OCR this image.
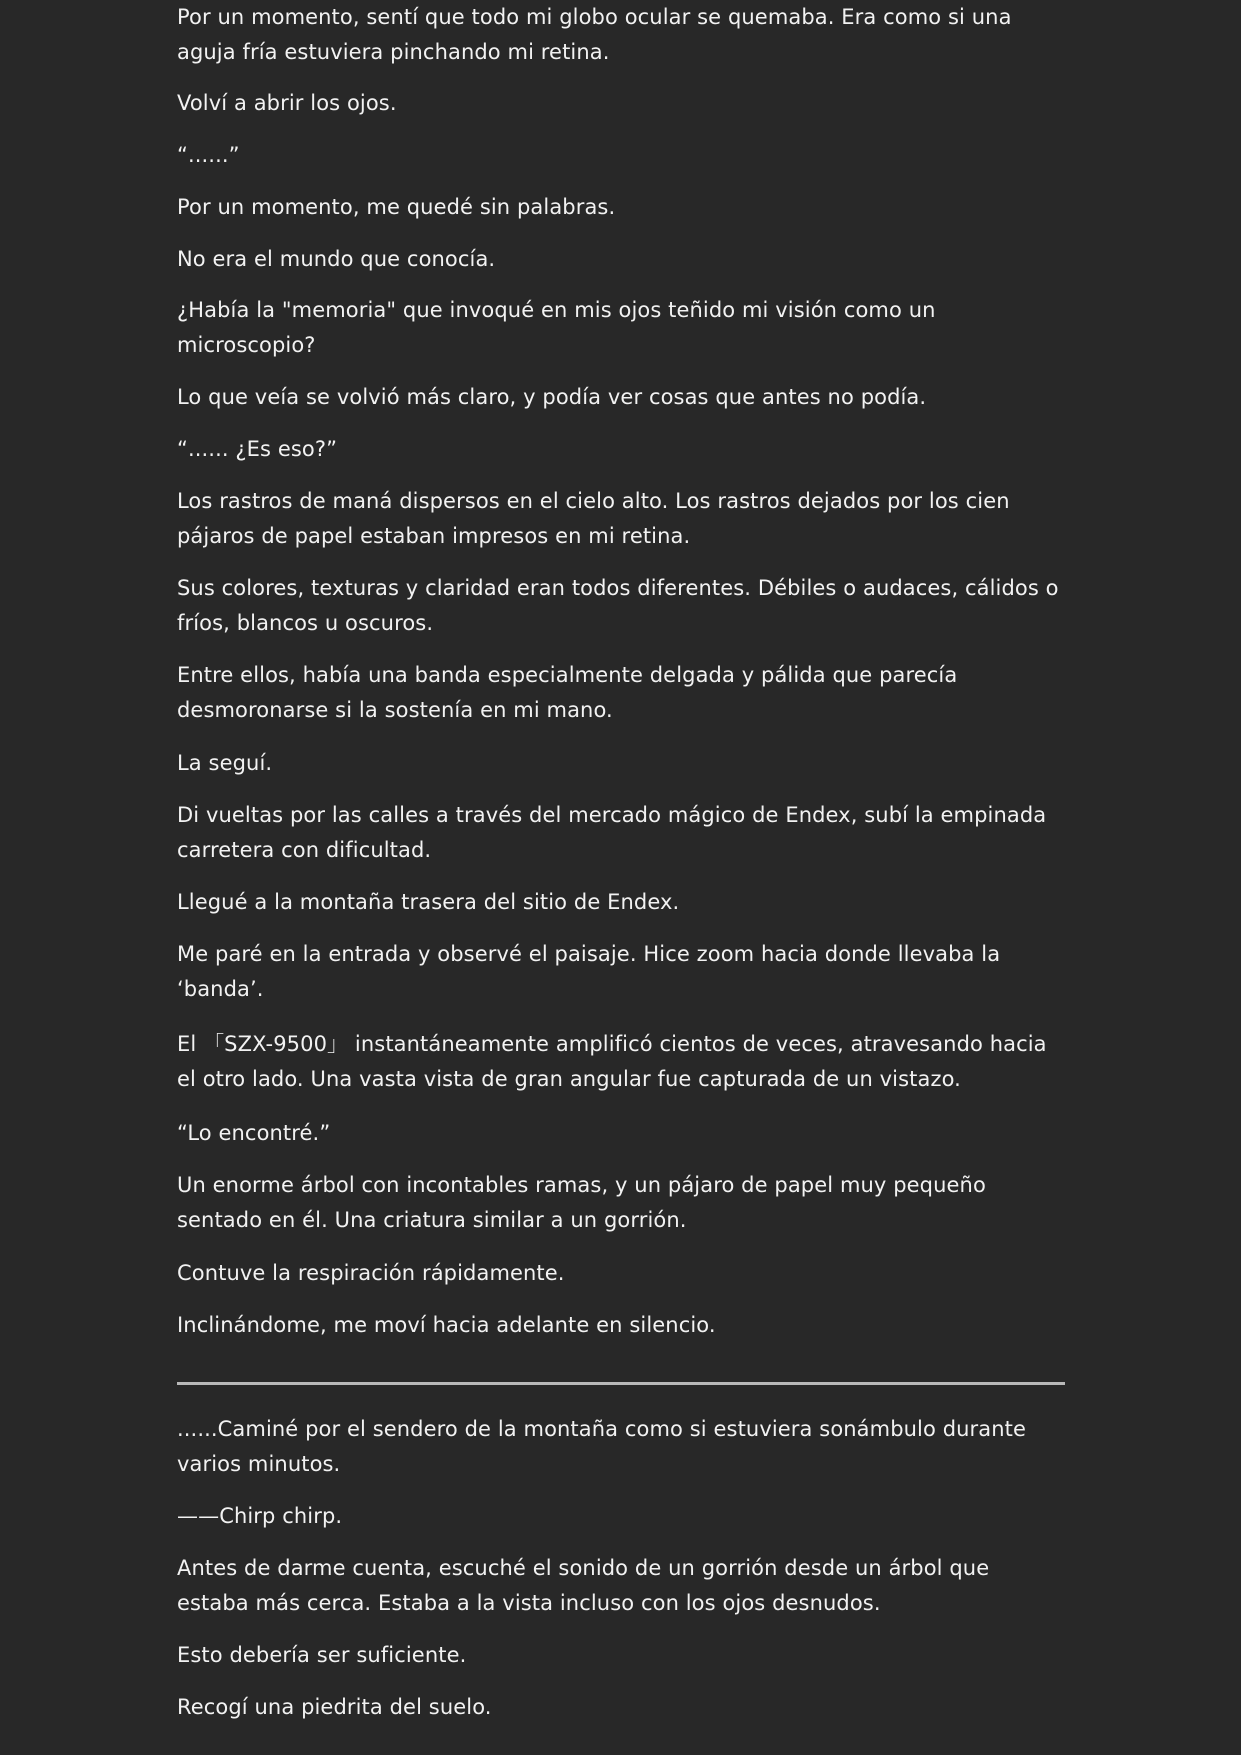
Por un momento, sentí que todo mi globo ocular se quemaba. Era como si una aguja fría estuviera pinchando mi retina.

Volví a abrir los ojos.

“......”

Por un momento, me quedé sin palabras.

No era el mundo que conocía.

¿Había la "memoria" que invoqué en mis ojos teñido mi visión como un microscopio?

Lo que veía se volvió más claro, y podía ver cosas que antes no podía.

“...... ¿Es eso?”

Los rastros de maná dispersos en el cielo alto. Los rastros dejados por los cien pájaros de papel estaban impresos en mi retina.

Sus colores, texturas y claridad eran todos diferentes. Débiles o audaces, cálidos o fríos, blancos u oscuros.

Entre ellos, había una banda especialmente delgada y pálida que parecía desmoronarse si la sostenía en mi mano.

La seguí.

Di vueltas por las calles a través del mercado mágico de Endex, subí la empinada carretera con dificultad.

Llegué a la montaña trasera del sitio de Endex.

Me paré en la entrada y observé el paisaje. Hice zoom hacia donde llevaba la ‘banda’.

El 「SZX-9500」 instantáneamente amplificó cientos de veces, atravesando hacia el otro lado. Una vasta vista de gran angular fue capturada de un vistazo.

“Lo encontré.”

Un enorme árbol con incontables ramas, y un pájaro de papel muy pequeño sentado en él. Una criatura similar a un gorrión.

Contuve la respiración rápidamente.

Inclinándome, me moví hacia adelante en silencio.

......Caminé por el sendero de la montaña como si estuviera sonámbulo durante varios minutos.

——Chirp chirp.

Antes de darme cuenta, escuché el sonido de un gorrión desde un árbol que estaba más cerca. Estaba a la vista incluso con los ojos desnudos.

Esto debería ser suficiente.

Recogí una piedrita del suelo.
